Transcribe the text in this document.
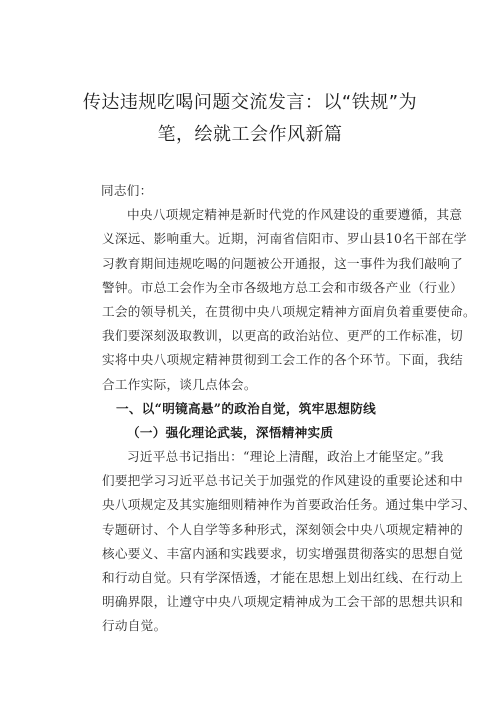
传达违规吃喝问题交流发言：以“铁规”为
笔，绘就工会作风新篇
同志们：
中央八项规定精神是新时代党的作风建设的重要遵循，其意
义深远、影响重大。近期，河南省信阳市、罗山县10名干部在学
习教育期间违规吃喝的问题被公开通报，这一事件为我们敲响了
警钟。市总工会作为全市各级地方总工会和市级各产业（行业）
工会的领导机关，在贯彻中央八项规定精神方面肩负着重要使命。
我们要深刻汲取教训，以更高的政治站位、更严的工作标准，切
实将中央八项规定精神贯彻到工会工作的各个环节。下面，我结
合工作实际，谈几点体会。
一、以“明镜高悬”的政治自觉，筑牢思想防线
（一）强化理论武装，深悟精神实质
习近平总书记指出：“理论上清醒，政治上才能坚定。”我
们要把学习习近平总书记关于加强党的作风建设的重要论述和中
央八项规定及其实施细则精神作为首要政治任务。通过集中学习、
专题研讨、个人自学等多种形式，深刻领会中央八项规定精神的
核心要义、丰富内涵和实践要求，切实增强贯彻落实的思想自觉
和行动自觉。只有学深悟透，才能在思想上划出红线、在行动上
明确界限，让遵守中央八项规定精神成为工会干部的思想共识和
行动自觉。
